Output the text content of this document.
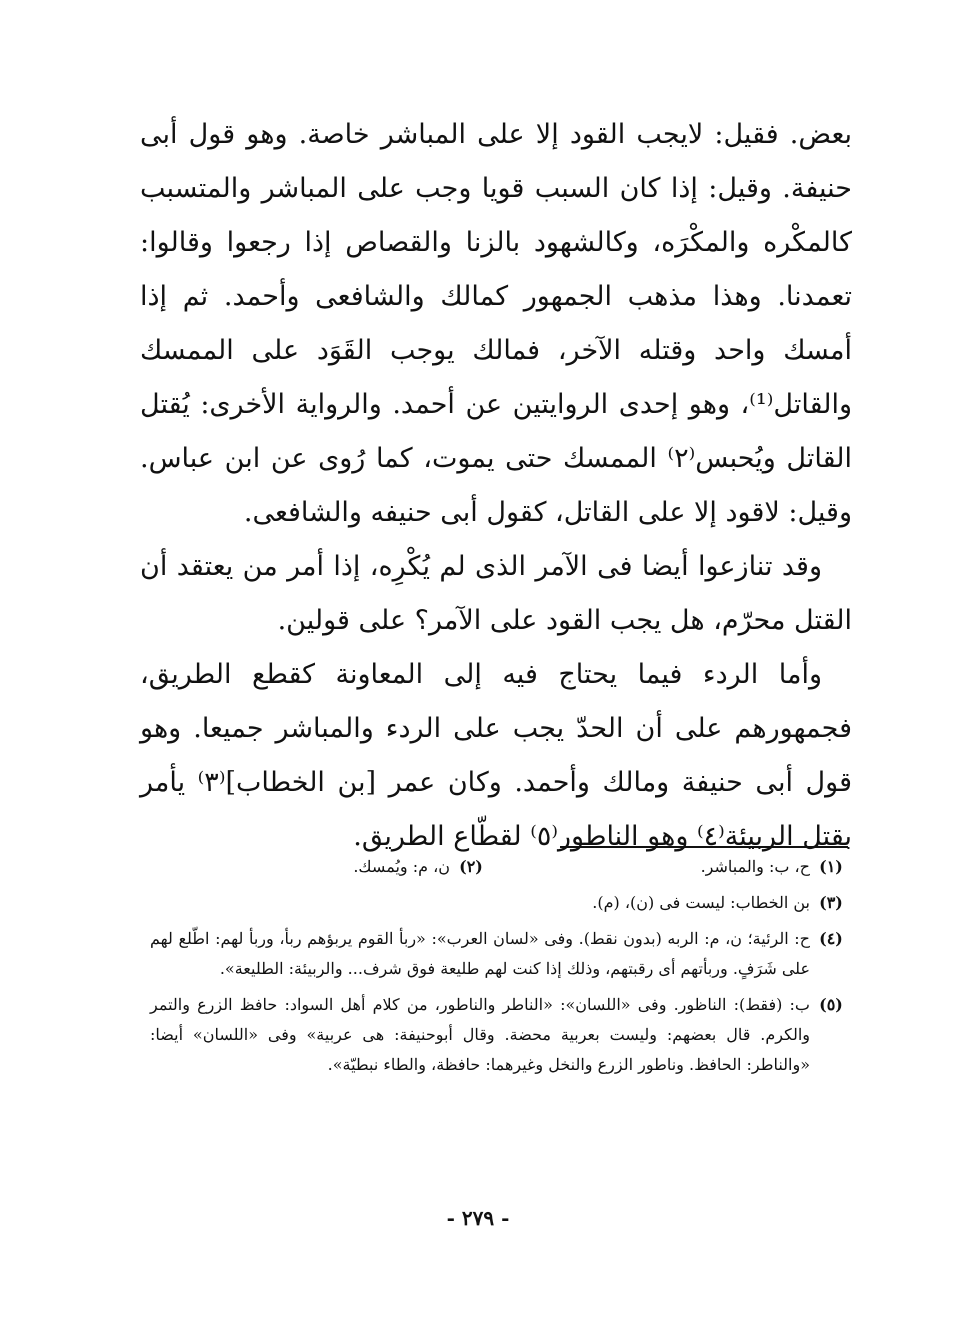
بعض. فقيل: لايجب القود إلا على المباشر خاصة. وهو قول أبى حنيفة. وقيل: إذا كان السبب قويا وجب على المباشر والمتسبب كالمكْره والمكْرَه، وكالشهود بالزنا والقصاص إذا رجعوا وقالوا: تعمدنا. وهذا مذهب الجمهور كمالك والشافعى وأحمد. ثم إذا أمسك واحد وقتله الآخر، فمالك يوجب القَوَد على الممسك والقاتل⁽¹⁾، وهو إحدى الروايتين عن أحمد. والرواية الأخرى: يُقتل القاتل ويُحبس⁽٢⁾ الممسك حتى يموت، كما رُوى عن ابن عباس. وقيل: لاقود إلا على القاتل، كقول أبى حنيفه والشافعى.

وقد تنازعوا أيضا فى الآمر الذى لم يُكْرِه، إذا أمر من يعتقد أن القتل محرّم، هل يجب القود على الآمر؟ على قولين.

وأما الردء فيما يحتاج فيه إلى المعاونة كقطع الطريق، فجمهورهم على أن الحدّ يجب على الردء والمباشر جميعا. وهو قول أبى حنيفة ومالك وأحمد. وكان عمر [بن الخطاب]⁽٣⁾ يأمر بقتل الربيئة⁽٤⁾ وهو الناطور⁽٥⁾ لقطّاع الطريق.

(١)
ح، ب: والمباشر.
(٢)
ن، م: ويُمسك.
(٣)
بن الخطاب: ليست فى (ن)، (م).
(٤)
ح: الرئية؛ ن، م: الربه (بدون نقط). وفى «لسان العرب»: «ربأ القوم يربؤهم ربأ، وربأ لهم: اطّلع لهم على شَرَفٍ. وربأتهم أى رقبتهم، وذلك إذا كنت لهم طليعة فوق شرف... والربيئة: الطليعة».
(٥)
ب: (فقط): الناظور. وفى «اللسان»: «الناطر والناطور، من كلام أهل السواد: حافظ الزرع والتمر والكرم. قال بعضهم: وليست بعربية محضة. وقال أبوحنيفة: هى عربية» وفى «اللسان» أيضا: «والناطر: الحافظ. وناطور الزرع والنخل وغيرهما: حافظة، والطاء نبطيّة».
- ٢٧٩ -
